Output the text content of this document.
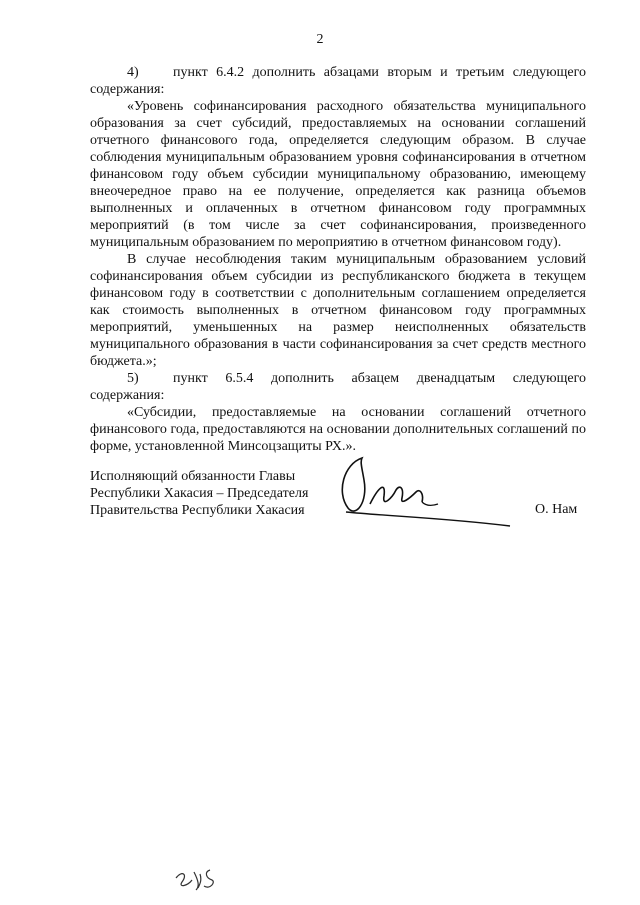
2

4) пункт 6.4.2 дополнить абзацами вторым и третьим следующего содержания:

«Уровень софинансирования расходного обязательства муниципального образования за счет субсидий, предоставляемых на основании соглашений отчетного финансового года, определяется следующим образом. В случае соблюдения муниципальным образованием уровня софинансирования в отчетном финансовом году объем субсидии муниципальному образованию, имеющему внеочередное право на ее получение, определяется как разница объемов выполненных и оплаченных в отчетном финансовом году программных мероприятий (в том числе за счет софинансирования, произведенного муниципальным образованием по мероприятию в отчетном финансовом году).

В случае несоблюдения таким муниципальным образованием условий софинансирования объем субсидии из республиканского бюджета в текущем финансовом году в соответствии с дополнительным соглашением определяется как стоимость выполненных в отчетном финансовом году программных мероприятий, уменьшенных на размер неисполненных обязательств муниципального образования в части софинансирования за счет средств местного бюджета.»;

5) пункт 6.5.4 дополнить абзацем двенадцатым следующего содержания:

«Субсидии, предоставляемые на основании соглашений отчетного финансового года, предоставляются на основании дополнительных соглашений по форме, установленной Минсоцзащиты РХ.».

Исполняющий обязанности Главы
Республики Хакасия – Председателя
Правительства Республики Хакасия	О. Нам
